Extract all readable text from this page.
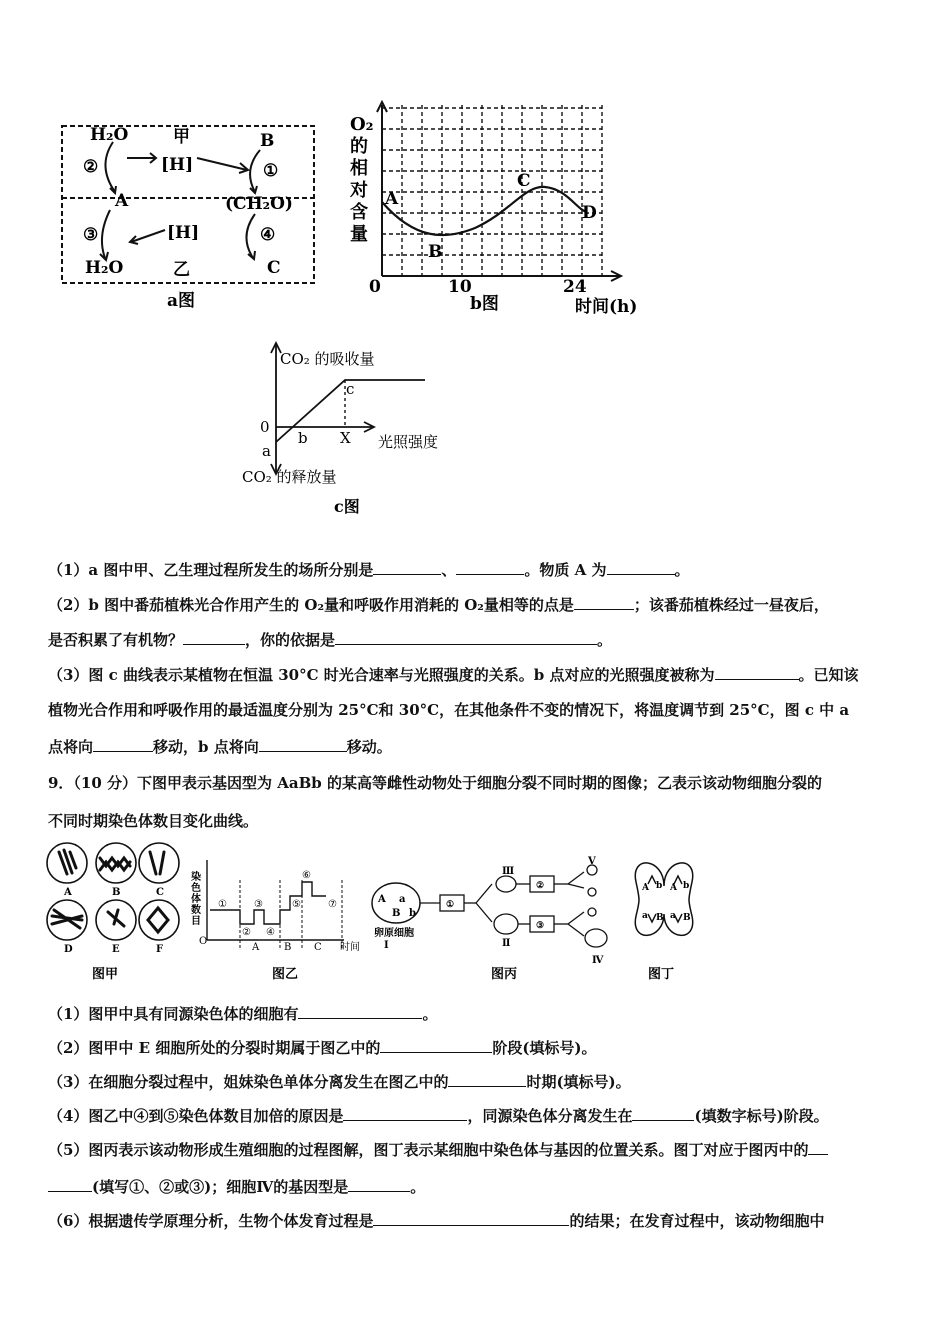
H₂O	甲	B
②	[H]	①
A	(CH₂O)
③	[H]	④
H₂O	乙	C
a图
O₂
的
相
对
含
量
A
B
C
D
0	10	24
b图	时间(h)
CO₂ 的吸收量
0
a
b
c
X 光照强度
CO₂ 的释放量
c图
（1）a 图中甲、乙生理过程所发生的场所分别是	、	。物质 A 为	。
（2）b 图中番茄植株光合作用产生的 O₂量和呼吸作用消耗的 O₂量相等的点是	；该番茄植株经过一昼夜后，
是否积累了有机物？	，你的依据是	。
（3）图 c 曲线表示某植物在恒温 30°C 时光合速率与光照强度的关系。b 点对应的光照强度被称为	。已知该
植物光合作用和呼吸作用的最适温度分别为 25°C和 30°C，在其他条件不变的情况下，将温度调节到 25°C，图 c 中 a
点将向	移动，b 点将向	移动。
9．（10 分）下图甲表示基因型为 AaBb 的某高等雌性动物处于细胞分裂不同时期的图像；乙表示该动物细胞分裂的
不同时期染色体数目变化曲线。
A	B	C
D	E	F
图甲
染
色
体
数
目
①
②
③
④
⑤
⑥
⑦
A B C
O
时间
图乙
A a
B b
卵原细胞
Ⅰ
Ⅲ
Ⅱ
Ⅴ
Ⅳ
①
②
③
图丙
A A
b b
a a
B B
图丁
（1）图甲中具有同源染色体的细胞有	。
（2）图甲中 E 细胞所处的分裂时期属于图乙中的	阶段(填标号)。
（3）在细胞分裂过程中，姐妹染色单体分离发生在图乙中的	时期(填标号)。
（4）图乙中④到⑤染色体数目加倍的原因是	，同源染色体分离发生在	(填数字标号)阶段。
（5）图丙表示该动物形成生殖细胞的过程图解，图丁表示某细胞中染色体与基因的位置关系。图丁对应于图丙中的
(填写①、②或③)；细胞Ⅳ的基因型是	。
（6）根据遗传学原理分析，生物个体发育过程是	的结果；在发育过程中，该动物细胞中
